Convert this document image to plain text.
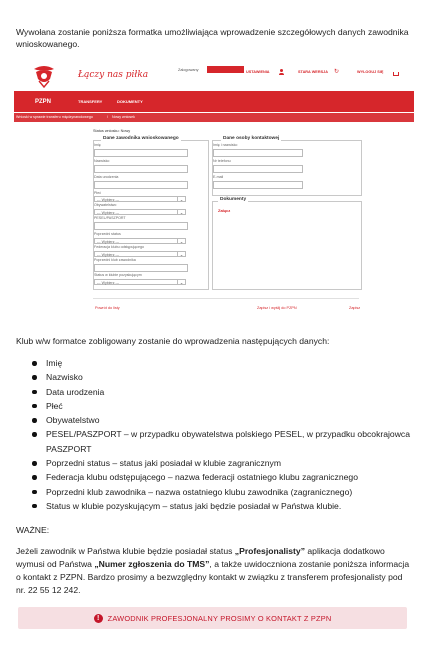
Wywołana zostanie poniższa formatka umożliwiająca wprowadzenie szczegółowych danych zawodnika wnioskowanego.
Łączy nas piłka	Zalogowany	USTAWIENIA	STARA WERSJA ↻	WYLOGUJ SIĘ
PZPN	TRANSFERY	DOKUMENTY
Wnioski w sprawie transferu międzynarodowego	/ Nowy wniosek
Status wniosku: Nowy
Dane zawodnika wnioskowanego
Imię
Nazwisko
Data urodzenia
Płeć
--- Wybierz ---	⌄
Obywatelstwo
--- Wybierz ---	⌄
PESEL/PASZPORT
Poprzedni status
--- Wybierz ---	⌄
Federacja klubu odstępującego
--- Wybierz ---	⌄
Poprzedni klub zawodnika
Status w klubie pozyskującym
--- Wybierz ---	⌄
Dane osoby kontaktowej
Imię i nazwisko
Nr telefonu
E-mail
Dokumenty
Załącz
Powrót do listy	Zapisz i wyślij do PZPN	Zapisz
Klub w/w formatce zobligowany zostanie do wprowadzenia następujących danych:
Imię
Nazwisko
Data urodzenia
Płeć
Obywatelstwo
PESEL/PASZPORT – w przypadku obywatelstwa polskiego PESEL, w przypadku obcokrajowca PASZPORT
Poprzedni status – status jaki posiadał w klubie zagranicznym
Federacja klubu odstępującego – nazwa federacji ostatniego klubu zagranicznego
Poprzedni klub zawodnika – nazwa ostatniego klubu zawodnika (zagranicznego)
Status w klubie pozyskującym – status jaki będzie posiadał w Państwa klubie.
WAŻNE:
Jeżeli zawodnik w Państwa klubie będzie posiadał status „Profesjonalisty” aplikacja dodatkowo wymusi od Państwa „Numer zgłoszenia do TMS”, a także uwidoczniona zostanie poniższa informacja o kontakt z PZPN. Bardzo prosimy a bezwzględny kontakt w związku z transferem profesjonalisty pod nr. 22 55 12 242.
!	ZAWODNIK PROFESJONALNY PROSIMY O KONTAKT Z PZPN
